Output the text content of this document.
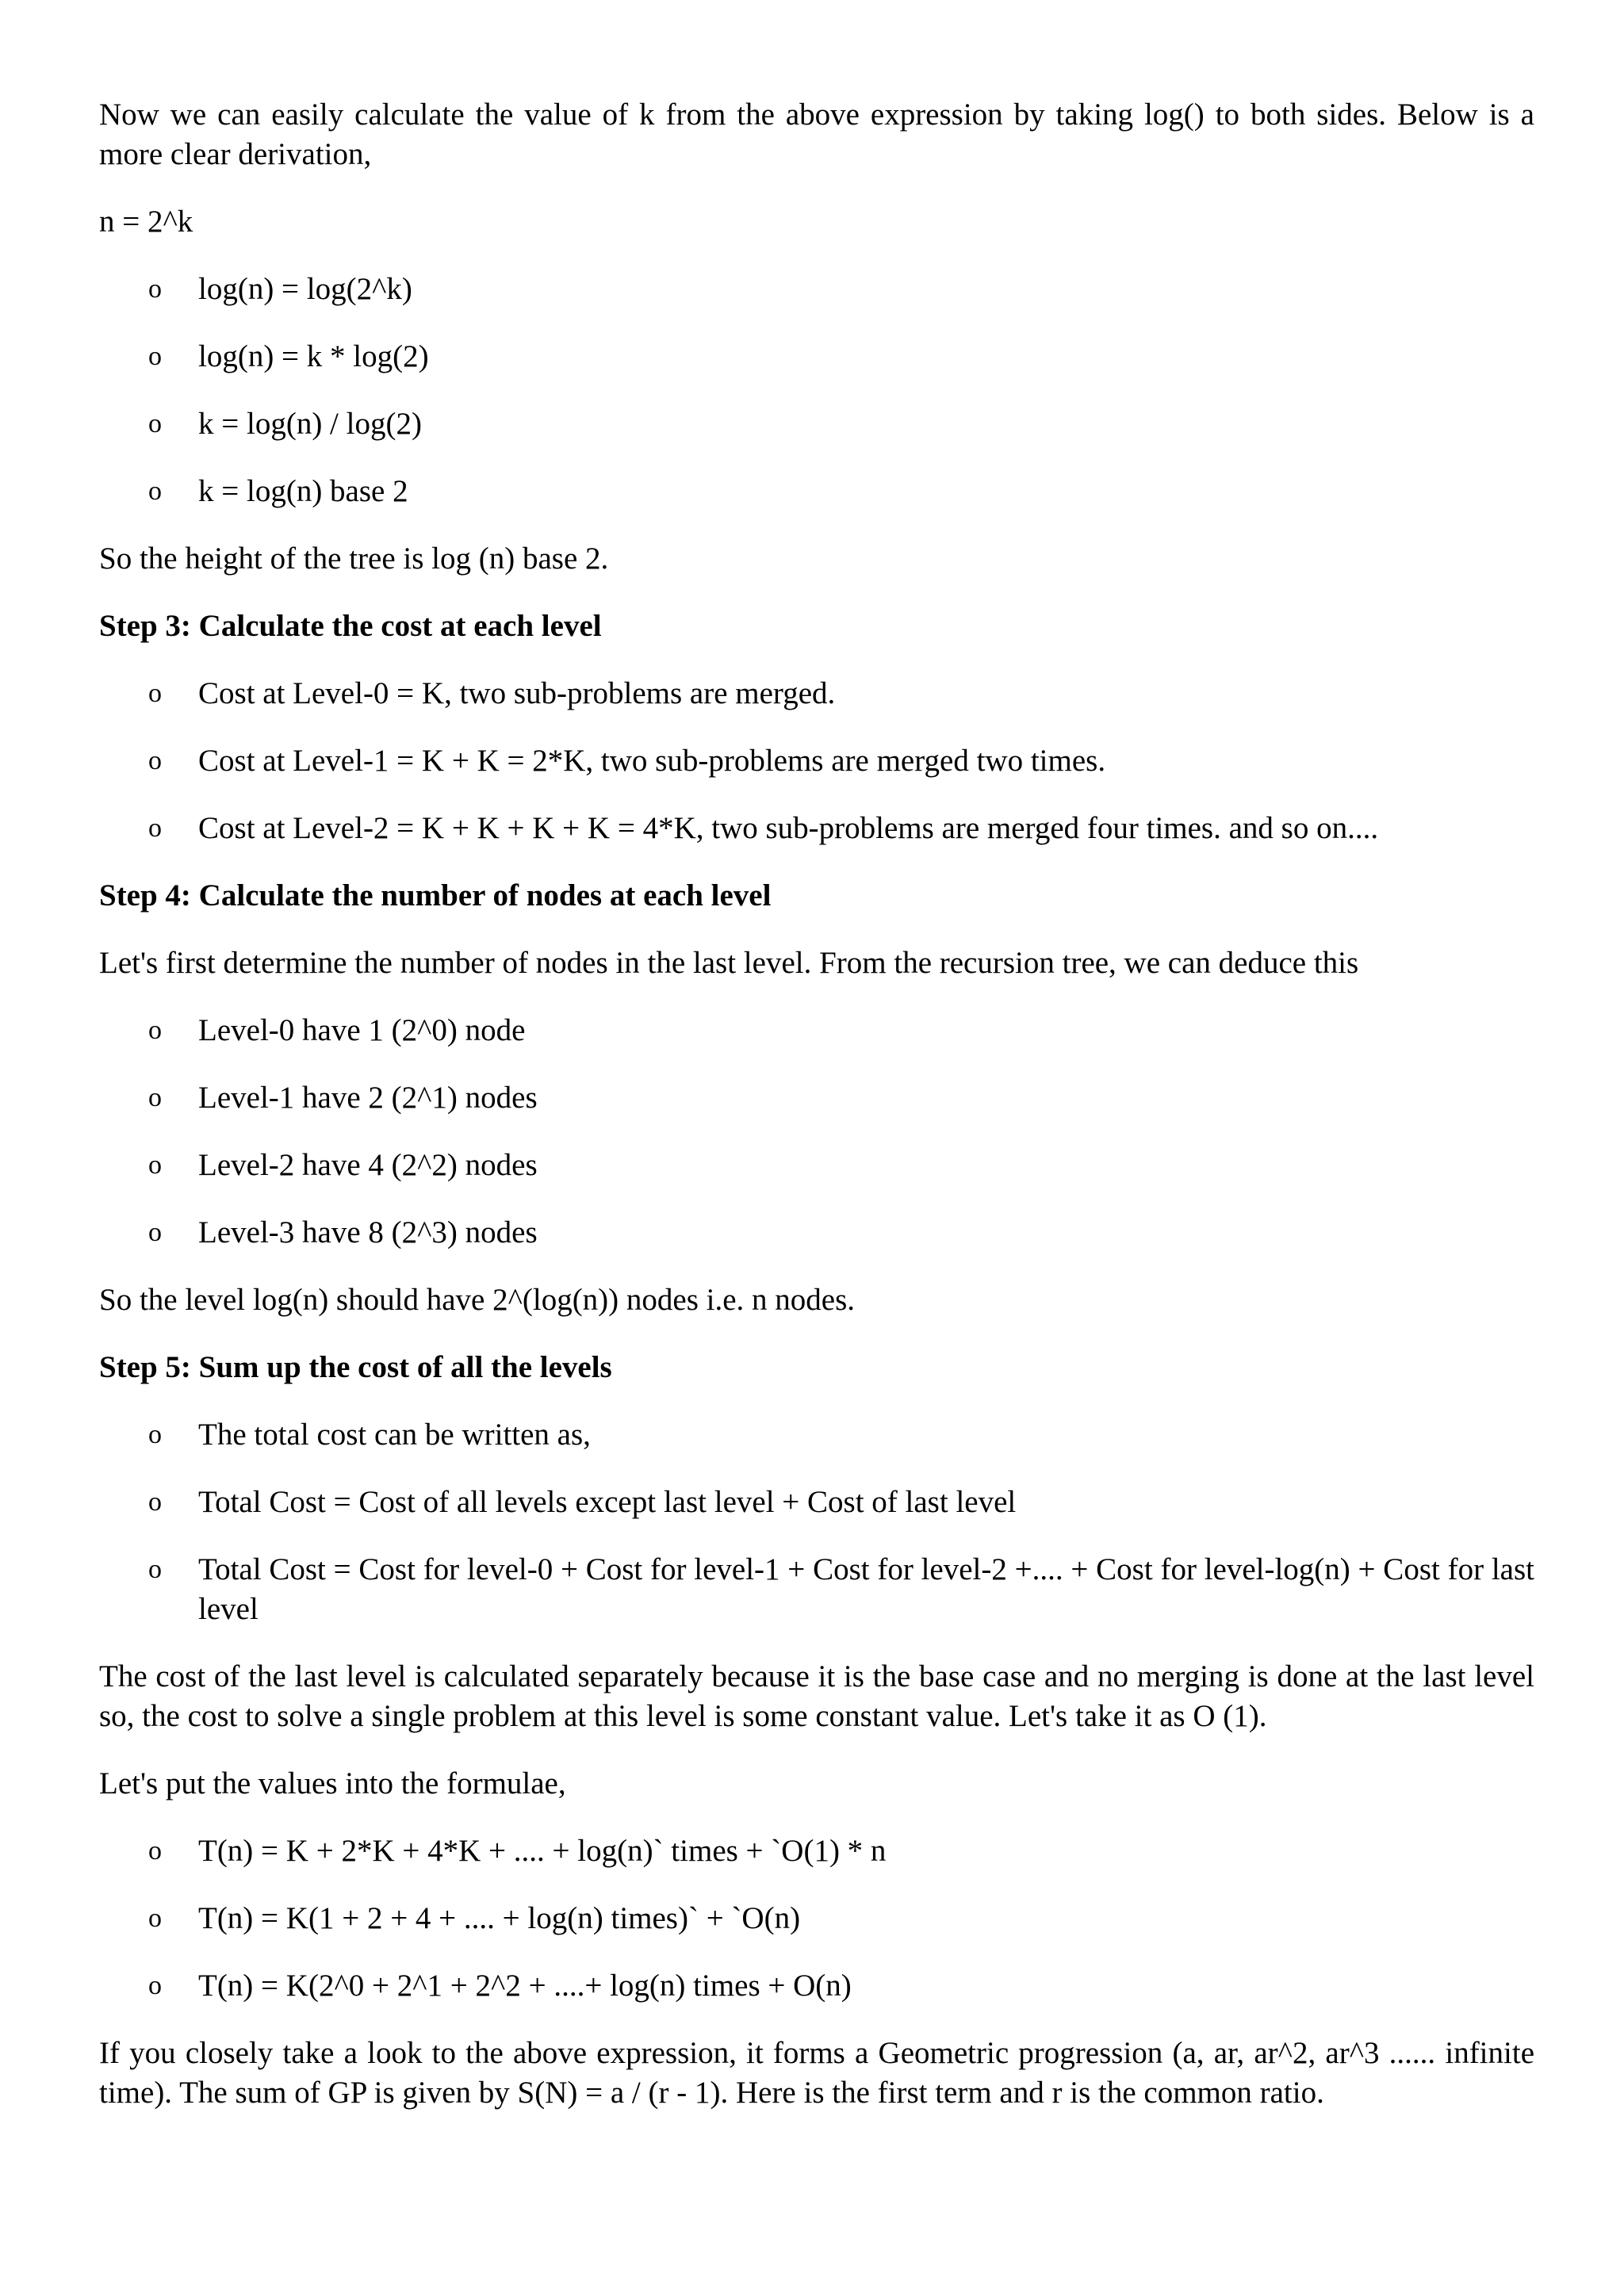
Now we can easily calculate the value of k from the above expression by taking log() to both sides. Below is a more clear derivation,

n = 2^k

o log(n) = log(2^k)
o log(n) = k * log(2)
o k = log(n) / log(2)
o k = log(n) base 2

So the height of the tree is log (n) base 2.

Step 3: Calculate the cost at each level

o Cost at Level-0 = K, two sub-problems are merged.
o Cost at Level-1 = K + K = 2*K, two sub-problems are merged two times.
o Cost at Level-2 = K + K + K + K = 4*K, two sub-problems are merged four times. and so on....

Step 4: Calculate the number of nodes at each level

Let's first determine the number of nodes in the last level. From the recursion tree, we can deduce this

o Level-0 have 1 (2^0) node
o Level-1 have 2 (2^1) nodes
o Level-2 have 4 (2^2) nodes
o Level-3 have 8 (2^3) nodes

So the level log(n) should have 2^(log(n)) nodes i.e. n nodes.

Step 5: Sum up the cost of all the levels

o The total cost can be written as,
o Total Cost = Cost of all levels except last level + Cost of last level
o Total Cost = Cost for level-0 + Cost for level-1 + Cost for level-2 +.... + Cost for level-log(n) + Cost for last level

The cost of the last level is calculated separately because it is the base case and no merging is done at the last level so, the cost to solve a single problem at this level is some constant value. Let's take it as O (1).

Let's put the values into the formulae,

o T(n) = K + 2*K + 4*K + .... + log(n)` times + `O(1) * n
o T(n) = K(1 + 2 + 4 + .... + log(n) times)` + `O(n)
o T(n) = K(2^0 + 2^1 + 2^2 + ....+ log(n) times + O(n)

If you closely take a look to the above expression, it forms a Geometric progression (a, ar, ar^2, ar^3 ...... infinite time). The sum of GP is given by S(N) = a / (r - 1). Here is the first term and r is the common ratio.
